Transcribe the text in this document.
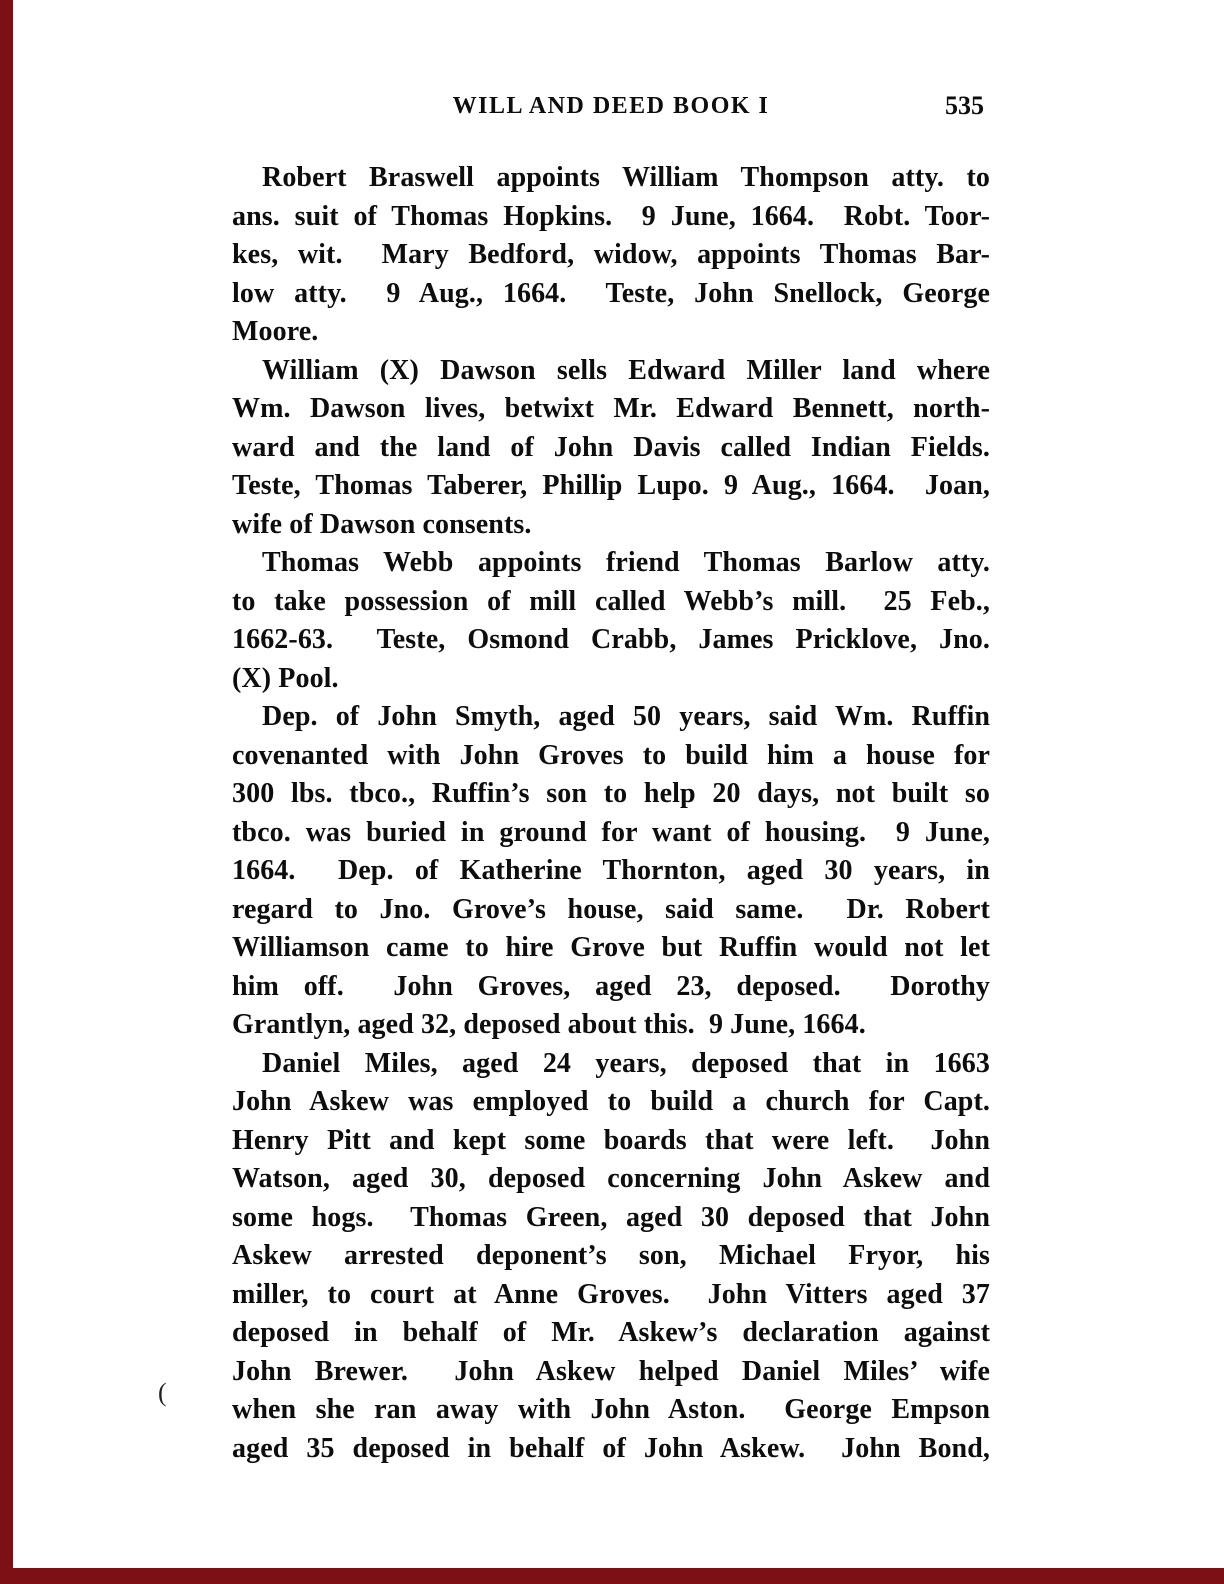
(
WILL AND DEED BOOK I	535
Robert Braswell appoints William Thompson atty. to
ans. suit of Thomas Hopkins.  9 June, 1664.  Robt. Toor-
kes, wit.  Mary Bedford, widow, appoints Thomas Bar-
low atty.  9 Aug., 1664.  Teste, John Snellock, George
Moore.
William (X) Dawson sells Edward Miller land where
Wm. Dawson lives, betwixt Mr. Edward Bennett, north-
ward and the land of John Davis called Indian Fields.
Teste, Thomas Taberer, Phillip Lupo. 9 Aug., 1664.  Joan,
wife of Dawson consents.
Thomas Webb appoints friend Thomas Barlow atty.
to take possession of mill called Webb’s mill.  25 Feb.,
1662-63.  Teste, Osmond Crabb, James Pricklove, Jno.
(X) Pool.
Dep. of John Smyth, aged 50 years, said Wm. Ruffin
covenanted with John Groves to build him a house for
300 lbs. tbco., Ruffin’s son to help 20 days, not built so
tbco. was buried in ground for want of housing.  9 June,
1664.  Dep. of Katherine Thornton, aged 30 years, in
regard to Jno. Grove’s house, said same.  Dr. Robert
Williamson came to hire Grove but Ruffin would not let
him off.  John Groves, aged 23, deposed.  Dorothy
Grantlyn, aged 32, deposed about this.  9 June, 1664.
Daniel Miles, aged 24 years, deposed that in 1663
John Askew was employed to build a church for Capt.
Henry Pitt and kept some boards that were left.  John
Watson, aged 30, deposed concerning John Askew and
some hogs.  Thomas Green, aged 30 deposed that John
Askew arrested deponent’s son, Michael Fryor, his
miller, to court at Anne Groves.  John Vitters aged 37
deposed in behalf of Mr. Askew’s declaration against
John Brewer.  John Askew helped Daniel Miles’ wife
when she ran away with John Aston.  George Empson
aged 35 deposed in behalf of John Askew.  John Bond,
